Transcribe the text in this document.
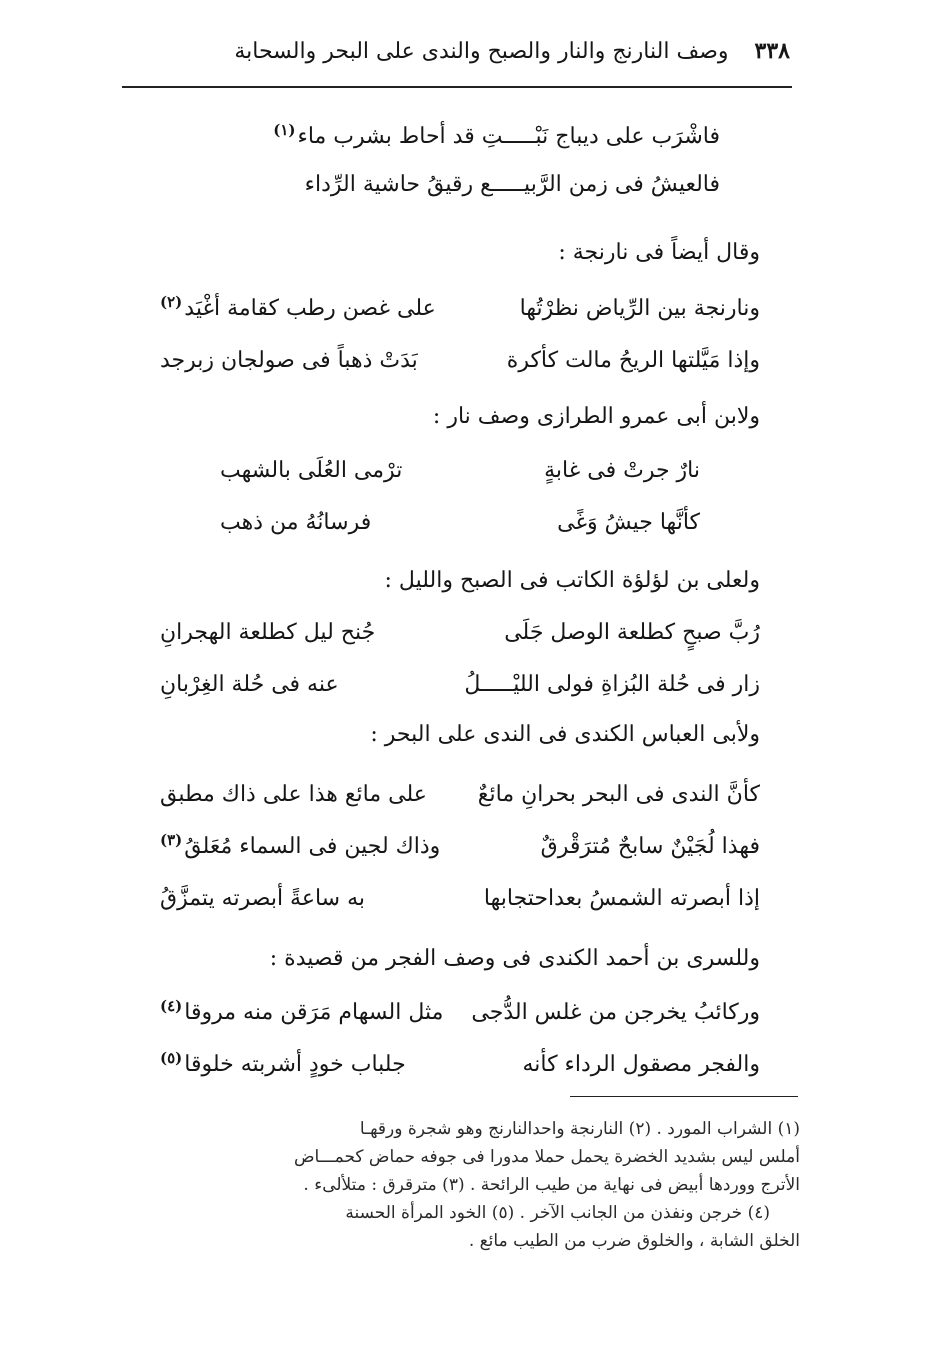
٣٣٨
وصف النارنج والنار والصبح والندى على البحر والسحابة
فاشْرَب على ديباج نَبْـــــتِ قد أحاط بشرب ماء$^{(١)}$
فالعيشُ فى زمن الرَّبيـــــع رقيقُ حاشية الرِّداء
وقال أيضاً فى نارنجة :
ونارنجة بين الرِّياض نظرْتُها
على غصن رطب كقامة أغْيَد$^{(٢)}$
وإذا مَيَّلتها الريحُ مالت كأكرة
بَدَتْ ذهباً فى صولجان زبرجد
ولابن أبى عمرو الطرازى وصف نار :
نارٌ جرتْ فى غابةٍ
ترْمى العُلَى بالشهب
كأنَّها جيشُ وَغًى
فرسانُهُ من ذهب
ولعلى بن لؤلؤة الكاتب فى الصبح والليل :
رُبَّ صبحٍ كطلعة الوصل جَلَى
جُنح ليل كطلعة الهجرانِ
زار فى حُلة البُزاةِ فولى الليْـــــلُ
عنه فى حُلة الغِرْبانِ
ولأبى العباس الكندى فى الندى على البحر :
كأنَّ الندى فى البحر بحرانِ مائعٌ
على مائع هذا على ذاك مطبق
فهذا لُجَيْنٌ سابحٌ مُترَقْرقٌ
وذاك لجين فى السماء مُعَلقُ$^{(٣)}$
إذا أبصرته الشمسُ بعداحتجابها
به ساعةً أبصرته يتمزَّقُ
وللسرى بن أحمد الكندى فى وصف الفجر من قصيدة :
وركائبُ يخرجن من غلس الدُّجى
مثل السهام مَرَقن منه مروقا$^{(٤)}$
والفجر مصقول الرداء كأنه
جلباب خودٍ أشربته خلوقا$^{(٥)}$
(١) الشراب المورد . (٢) النارنجة واحدالنارنج وهو شجرة ورقهـا
أملس ليس بشديد الخضرة يحمل حملا مدورا فى جوفه حماض كحمـــاض
الأترج ووردها أبيض فى نهاية من طيب الرائحة . (٣) مترقرق : متلألىء .
(٤) خرجن ونفذن من الجانب الآخر . (٥) الخود المرأة الحسنة
الخلق الشابة ، والخلوق ضرب من الطيب مائع .
